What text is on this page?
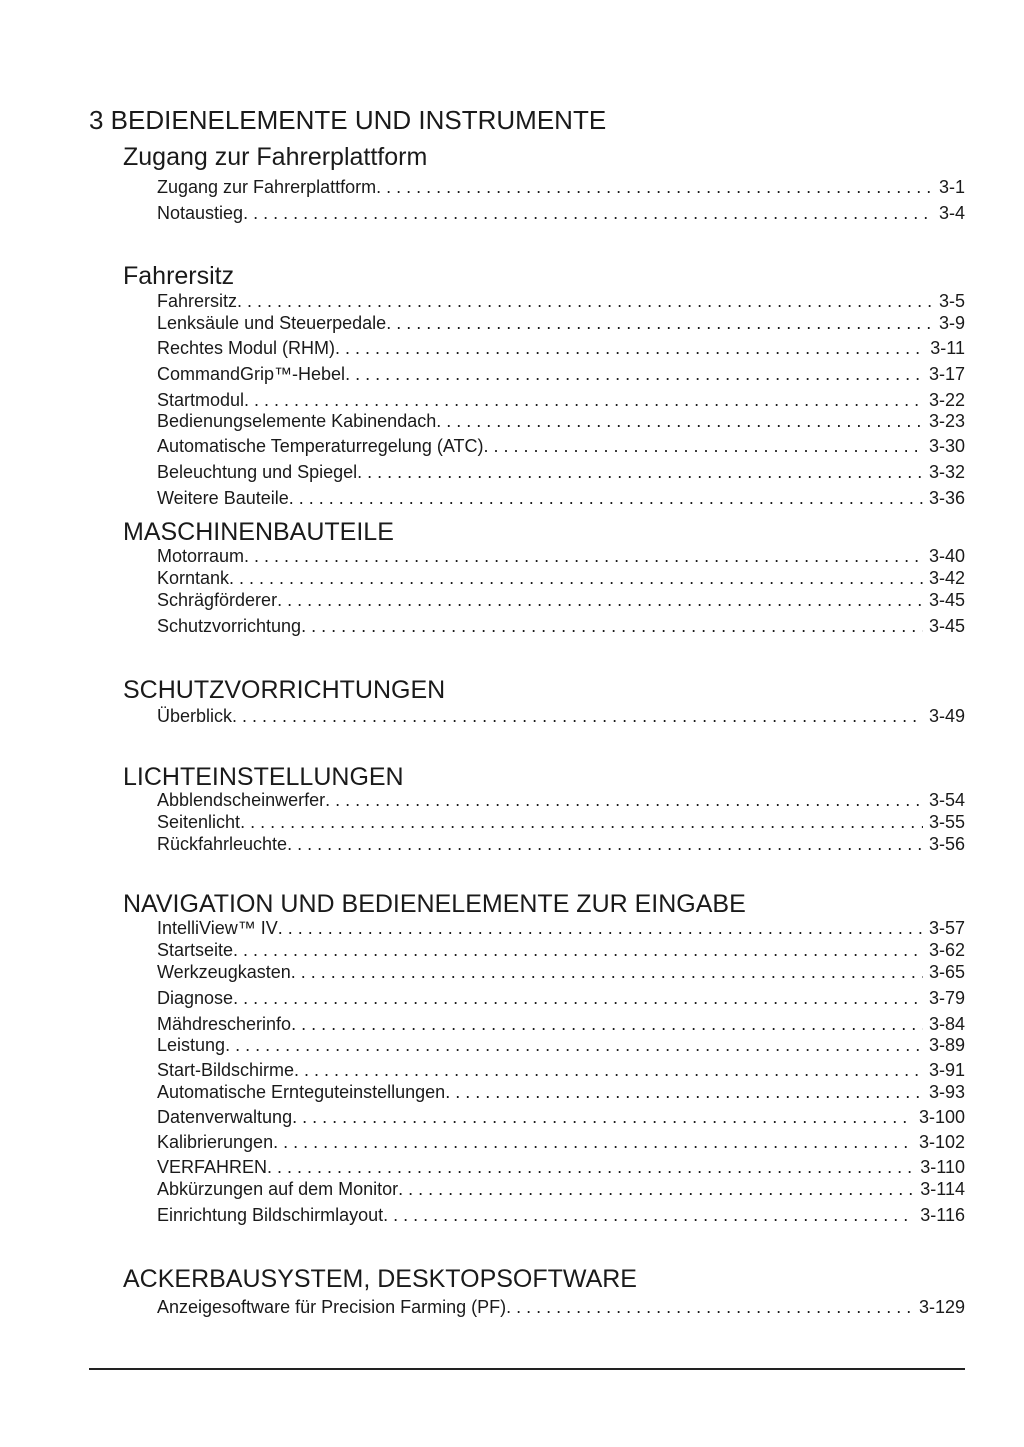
3 BEDIENELEMENTE UND INSTRUMENTE
Zugang zur Fahrerplattform
Zugang zur Fahrerplattform . . .	3-1
Notaustieg . . .	3-4
Fahrersitz
Fahrersitz . . .	3-5
Lenksäule und Steuerpedale . . .	3-9
Rechtes Modul (RHM) . . .	3-11
CommandGrip™-Hebel . . .	3-17
Startmodul . . .	3-22
Bedienungselemente Kabinendach . . .	3-23
Automatische Temperaturregelung (ATC) . . .	3-30
Beleuchtung und Spiegel . . .	3-32
Weitere Bauteile . . .	3-36
MASCHINENBAUTEILE
Motorraum . . .	3-40
Korntank . . .	3-42
Schrägförderer . . .	3-45
Schutzvorrichtung . . .	3-45
SCHUTZVORRICHTUNGEN
Überblick . . .	3-49
LICHTEINSTELLUNGEN
Abblendscheinwerfer . . .	3-54
Seitenlicht . . .	3-55
Rückfahrleuchte . . .	3-56
NAVIGATION UND BEDIENELEMENTE ZUR EINGABE
IntelliView™ IV . . .	3-57
Startseite . . .	3-62
Werkzeugkasten . . .	3-65
Diagnose . . .	3-79
Mähdrescherinfo . . .	3-84
Leistung . . .	3-89
Start-Bildschirme . . .	3-91
Automatische Ernteguteinstellungen . . .	3-93
Datenverwaltung . . .	3-100
Kalibrierungen . . .	3-102
VERFAHREN . . .	3-110
Abkürzungen auf dem Monitor . . .	3-114
Einrichtung Bildschirmlayout . . .	3-116
ACKERBAUSYSTEM, DESKTOPSOFTWARE
Anzeigesoftware für Precision Farming (PF) . . .	3-129
